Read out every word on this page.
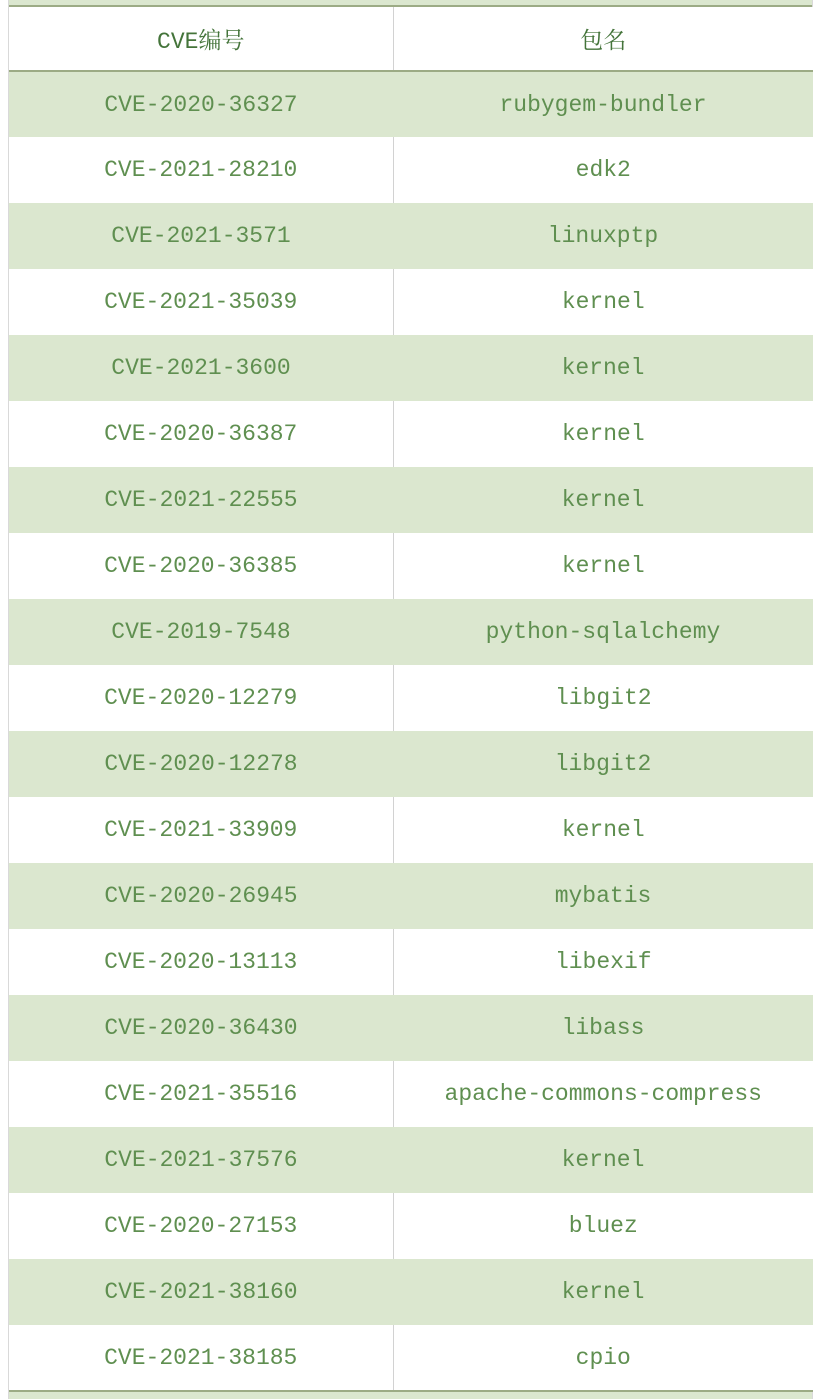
CVE编号	包名
CVE-2020-36327	rubygem-bundler
CVE-2021-28210	edk2
CVE-2021-3571	linuxptp
CVE-2021-35039	kernel
CVE-2021-3600	kernel
CVE-2020-36387	kernel
CVE-2021-22555	kernel
CVE-2020-36385	kernel
CVE-2019-7548	python-sqlalchemy
CVE-2020-12279	libgit2
CVE-2020-12278	libgit2
CVE-2021-33909	kernel
CVE-2020-26945	mybatis
CVE-2020-13113	libexif
CVE-2020-36430	libass
CVE-2021-35516	apache-commons-compress
CVE-2021-37576	kernel
CVE-2020-27153	bluez
CVE-2021-38160	kernel
CVE-2021-38185	cpio
